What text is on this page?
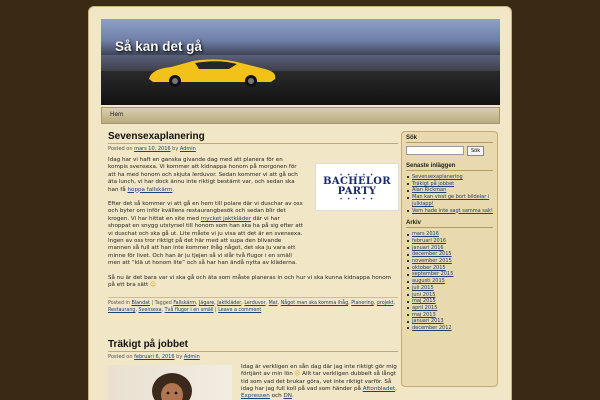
Så kan det gå
Hem
Sevensexaplanering
Posted on mars 10, 2016 by Admin
✦ ✦ ✦ ✦ ✦
BACHELOR
PARTY
✦ ✦ ✦ ✦ ✦

Idag har vi haft en ganska givande dag med att planera för en kompis svensexa. Vi kommer att kidnappa honom på morgonen för att ha med honom och skjuta lerduvor. Sedan kommer vi att gå och äta lunch, vi har dock ännu inte riktigt bestämt var, och sedan ska han få hoppa fallskärm.

Efter det så kommer vi att gå en hem till polare där vi duschar av oss och byter om inför kvällens restaurangbesök och sedan blir det krogen. Vi har hittat en site med mycket jaktkläder där vi har shoppat en snygg utstyrsel till honom som han ska ha på sig efter att vi duschat och ska gå ut. Lite måste vi ju visa att det är en svensexa. Ingen av oss tror riktigt på det här med att supa den blivande mannen så full att han inte kommer ihåg något, det ska ju vara ett minne för livet. Och han är ju tjejen så vi slår två flugor i en smäll men att “klä ut honom lite” och så har han ändå nytta av kläderna.

Så nu är det bara var vi ska gå och äta som måste planeras in och hur vi ska kunna kidnappa honom på ett bra sätt ☺

Posted in Blandat | Tagged Fallskärm, Jägare, Jaktkläder, Lerduvor, Mat, Något man ska komma ihåg, Planering, projekt, Restaurang, Svensexa, Två flugor i en smäll | Leave a comment
Träkigt på jobbet
Posted on februari 6, 2016 by Admin
Idag är verkligen en sån dag där jag inte riktigt gör mig förtjänt av min lön ☹ Allt tar verkligen dubbelt så långt tid som vad det brukar göra, vet inte riktigt varför. Så idag har jag full koll på vad som händer på Aftonbladet, Expressen och DN.
Sök
Sök
Senaste inläggen
Sevensexaplanering
Träkigt på jobbet
Alan Rickman
Man kan visst ge bort bildelar i julklapp!
Vem hade inte sagt samma sak!
Arkiv
mars 2016
februari 2016
januari 2016
december 2015
november 2015
oktober 2015
september 2015
augusti 2015
juli 2015
juni 2015
maj 2015
april 2015
maj 2013
januari 2013
december 2012
